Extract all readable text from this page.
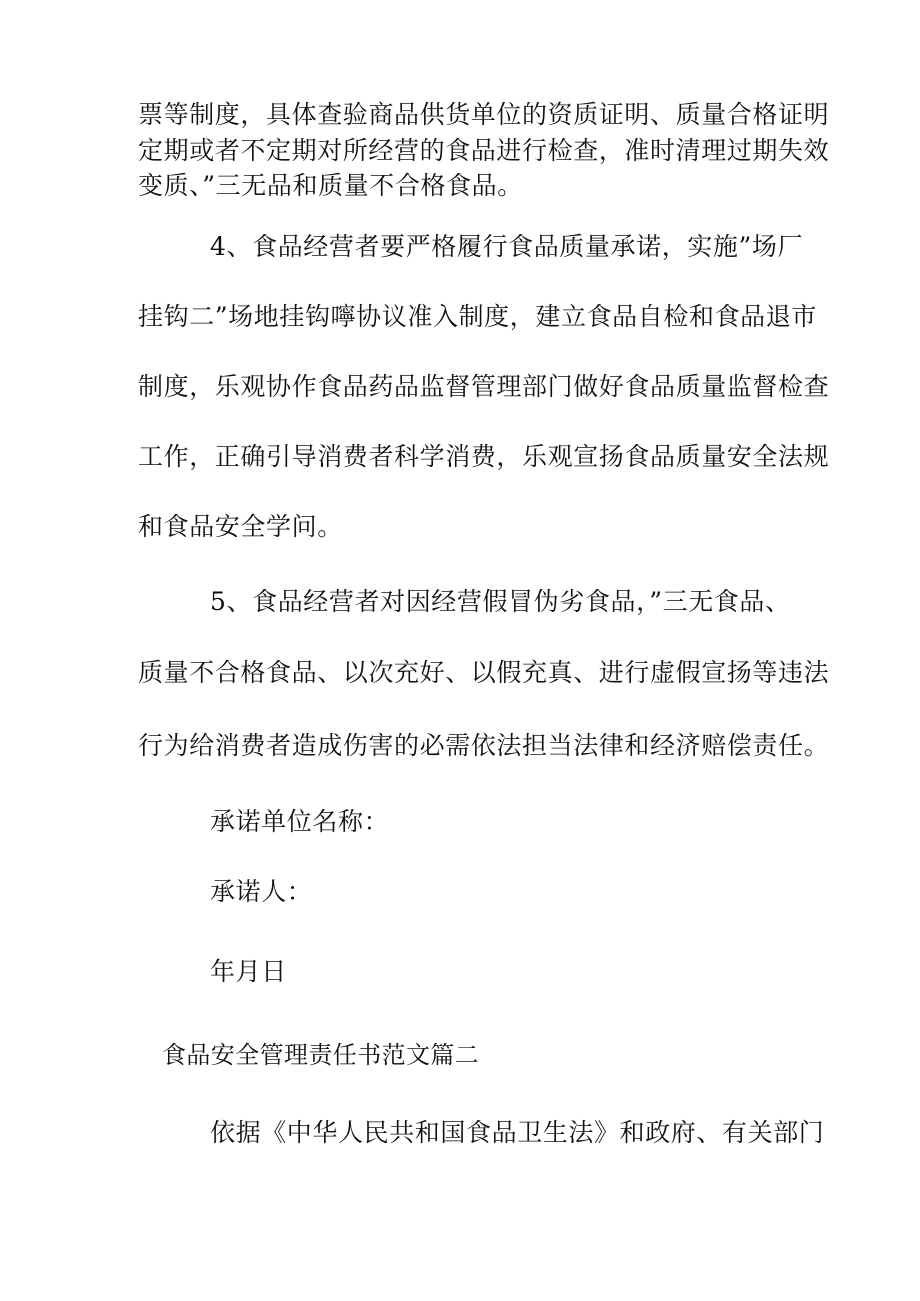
票等制度，具体查验商品供货单位的资质证明、质量合格证明
定期或者不定期对所经营的食品进行检查，准时清理过期失效
变质、”三无品和质量不合格食品。
4、食品经营者要严格履行食品质量承诺，实施”场厂
挂钩二”场地挂钩嚀协议准入制度，建立食品自检和食品退市
制度，乐观协作食品药品监督管理部门做好食品质量监督检查
工作，正确引导消费者科学消费，乐观宣扬食品质量安全法规
和食品安全学问。
5、食品经营者对因经营假冒伪劣食品，”三无食品、
质量不合格食品、以次充好、以假充真、进行虚假宣扬等违法
行为给消费者造成伤害的必需依法担当法律和经济赔偿责任。
承诺单位名称：
承诺人：
年月日
食品安全管理责任书范文篇二
依据《中华人民共和国食品卫生法》和政府、有关部门
